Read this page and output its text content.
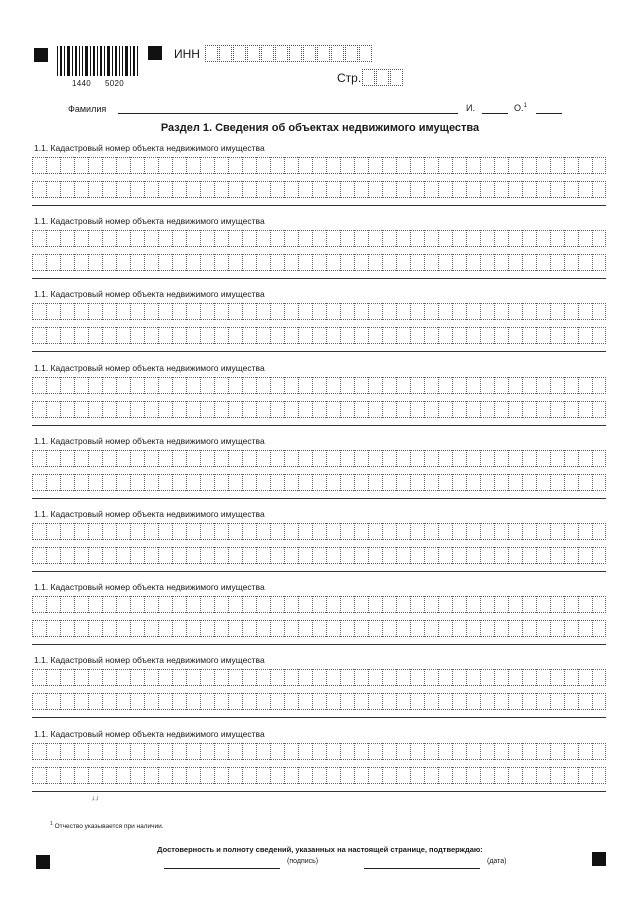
1440 5020
ИНН
Стр.
Фамилия	И.	О.$^1$
Раздел 1. Сведения об объектах недвижимого имущества
1.1. Кадастровый номер объекта недвижимого имущества
1.1. Кадастровый номер объекта недвижимого имущества
1.1. Кадастровый номер объекта недвижимого имущества
1.1. Кадастровый номер объекта недвижимого имущества
1.1. Кадастровый номер объекта недвижимого имущества
1.1. Кадастровый номер объекта недвижимого имущества
1.1. Кадастровый номер объекта недвижимого имущества
1.1. Кадастровый номер объекта недвижимого имущества
1.1. Кадастровый номер объекта недвижимого имущества
╯╯
$^1$ Отчество указывается при наличии.
Достоверность и полноту сведений, указанных на настоящей странице, подтверждаю:
(подпись)	(дата)
